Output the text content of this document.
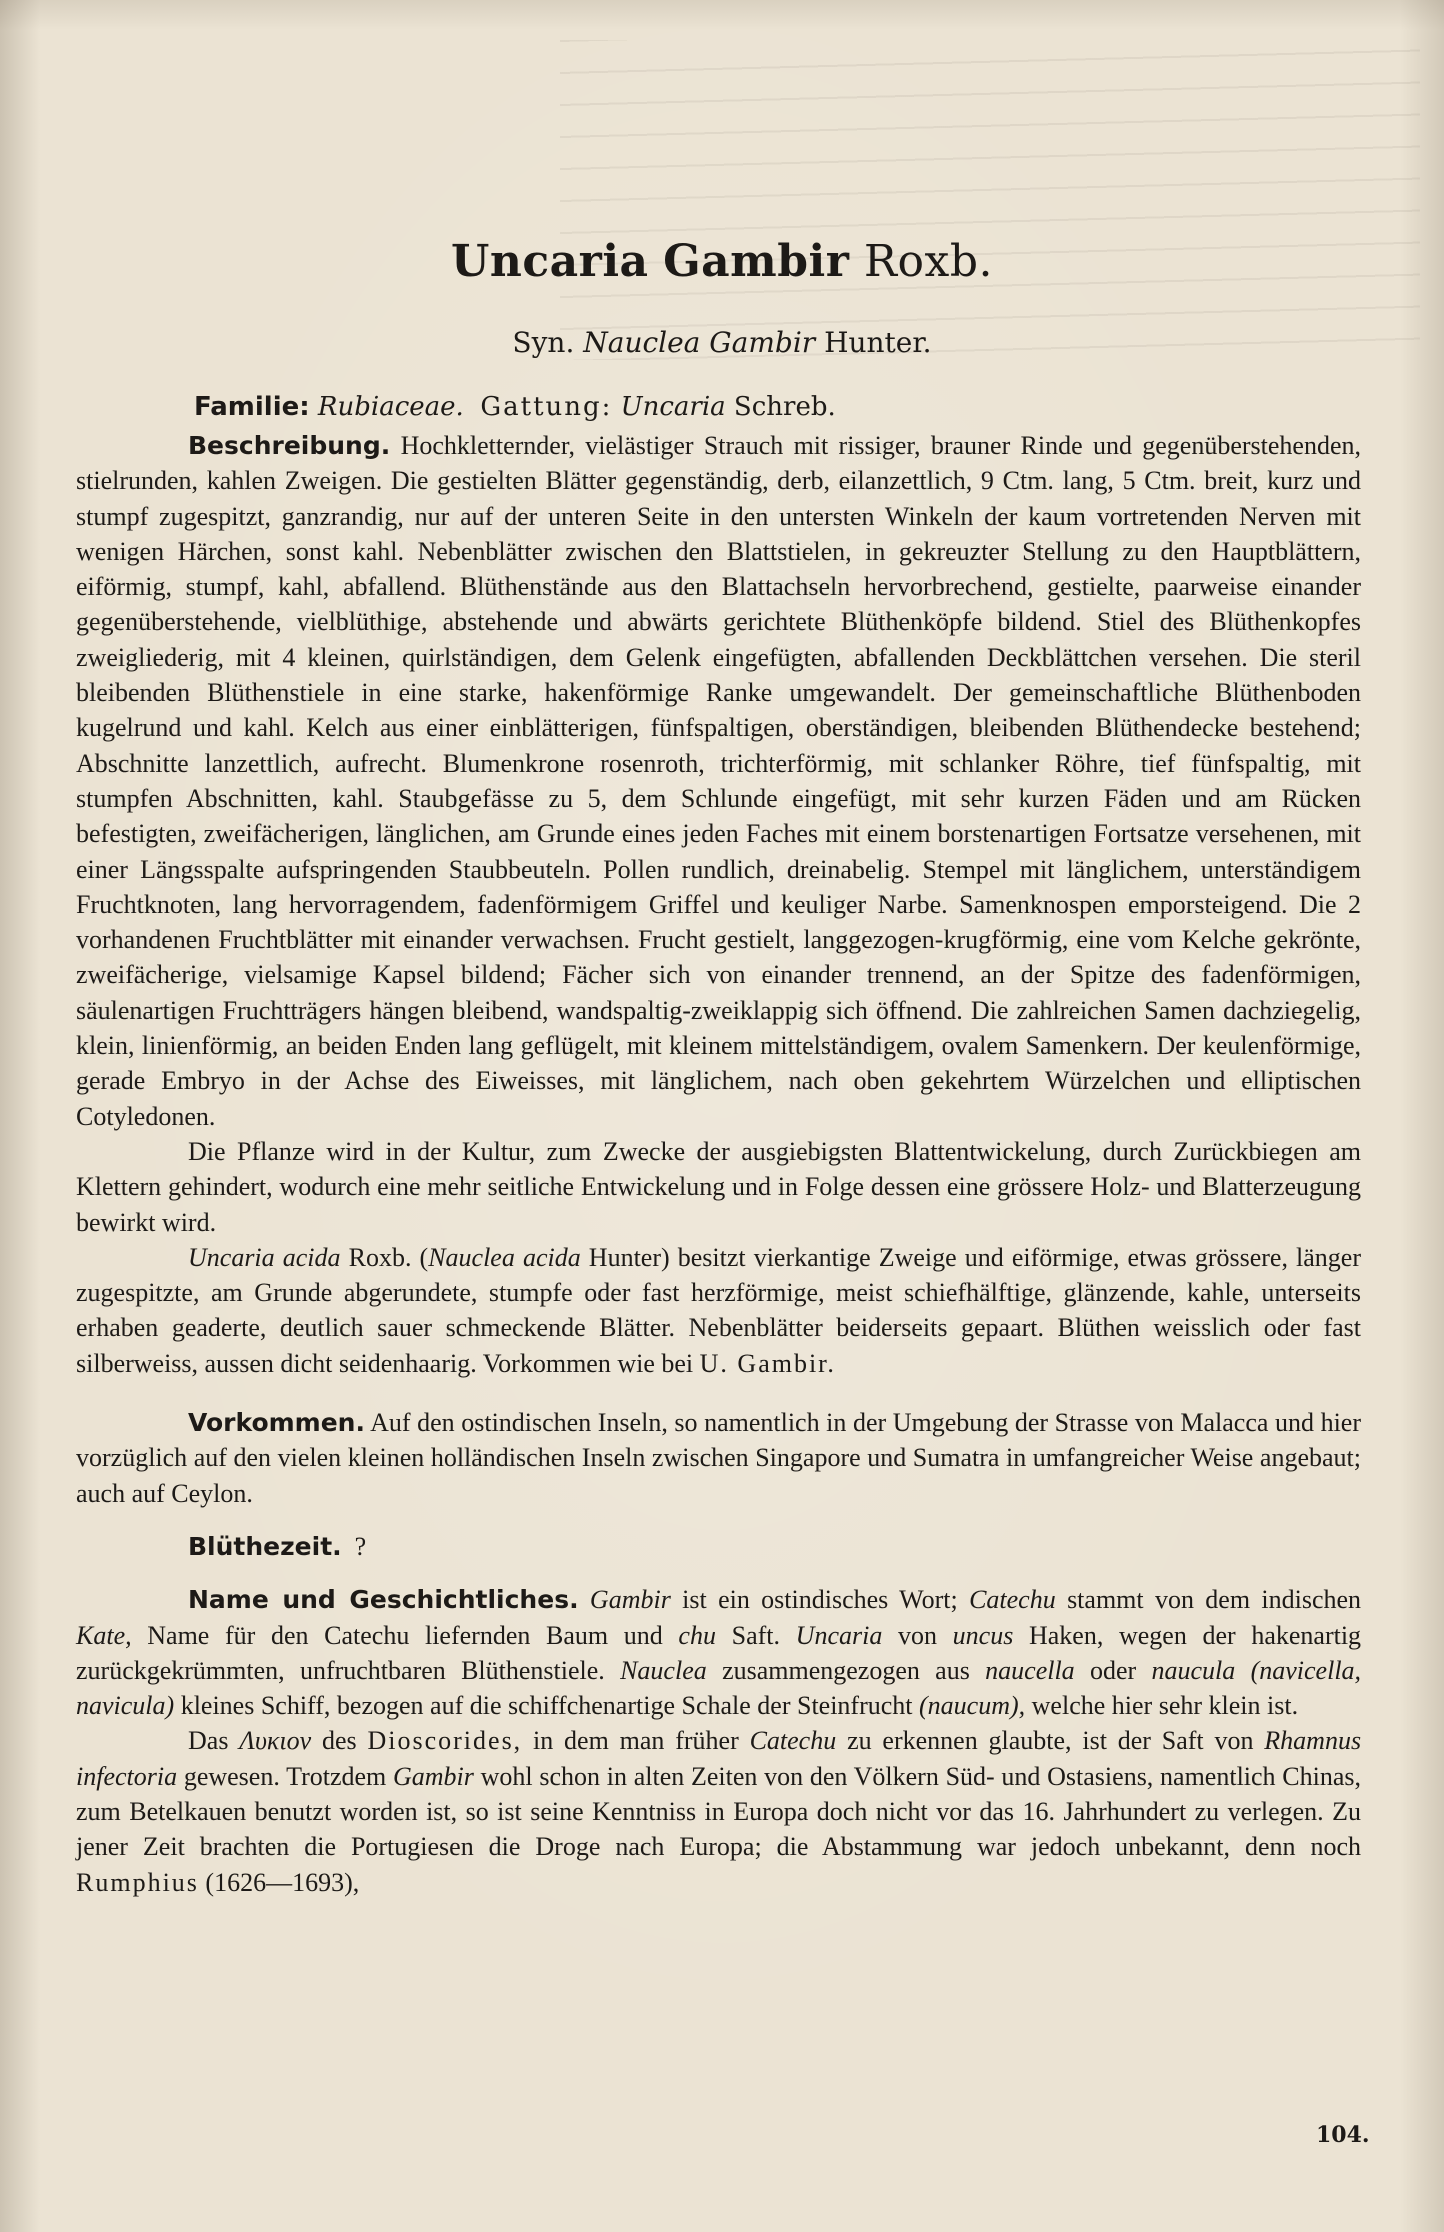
Uncaria Gambir Roxb.

Syn. Nauclea Gambir Hunter.

Familie: Rubiaceae. Gattung: Uncaria Schreb.

Beschreibung. Hochkletternder, vielästiger Strauch mit rissiger, brauner Rinde und gegenüberstehenden, stielrunden, kahlen Zweigen. Die gestielten Blätter gegenständig, derb, eilanzettlich, 9 Ctm. lang, 5 Ctm. breit, kurz und stumpf zugespitzt, ganzrandig, nur auf der unteren Seite in den untersten Winkeln der kaum vortretenden Nerven mit wenigen Härchen, sonst kahl. Nebenblätter zwischen den Blattstielen, in gekreuzter Stellung zu den Hauptblättern, eiförmig, stumpf, kahl, abfallend. Blüthenstände aus den Blattachseln hervorbrechend, gestielte, paarweise einander gegenüberstehende, vielblüthige, abstehende und abwärts gerichtete Blüthenköpfe bildend. Stiel des Blüthenkopfes zweigliederig, mit 4 kleinen, quirlständigen, dem Gelenk eingefügten, abfallenden Deckblättchen versehen. Die steril bleibenden Blüthenstiele in eine starke, hakenförmige Ranke umgewandelt. Der gemeinschaftliche Blüthenboden kugelrund und kahl. Kelch aus einer einblätterigen, fünfspaltigen, oberständigen, bleibenden Blüthendecke bestehend; Abschnitte lanzettlich, aufrecht. Blumenkrone rosenroth, trichterförmig, mit schlanker Röhre, tief fünfspaltig, mit stumpfen Abschnitten, kahl. Staubgefässe zu 5, dem Schlunde eingefügt, mit sehr kurzen Fäden und am Rücken befestigten, zweifächerigen, länglichen, am Grunde eines jeden Faches mit einem borstenartigen Fortsatze versehenen, mit einer Längsspalte aufspringenden Staubbeuteln. Pollen rundlich, dreinabelig. Stempel mit länglichem, unterständigem Fruchtknoten, lang hervorragendem, fadenförmigem Griffel und keuliger Narbe. Samenknospen emporsteigend. Die 2 vorhandenen Fruchtblätter mit einander verwachsen. Frucht gestielt, langgezogen-krugförmig, eine vom Kelche gekrönte, zweifächerige, vielsamige Kapsel bildend; Fächer sich von einander trennend, an der Spitze des fadenförmigen, säulenartigen Fruchtträgers hängen bleibend, wandspaltig-zweiklappig sich öffnend. Die zahlreichen Samen dachziegelig, klein, linienförmig, an beiden Enden lang geflügelt, mit kleinem mittelständigem, ovalem Samenkern. Der keulenförmige, gerade Embryo in der Achse des Eiweisses, mit länglichem, nach oben gekehrtem Würzelchen und elliptischen Cotyledonen.

Die Pflanze wird in der Kultur, zum Zwecke der ausgiebigsten Blattentwickelung, durch Zurückbiegen am Klettern gehindert, wodurch eine mehr seitliche Entwickelung und in Folge dessen eine grössere Holz- und Blatterzeugung bewirkt wird.

Uncaria acida Roxb. (Nauclea acida Hunter) besitzt vierkantige Zweige und eiförmige, etwas grössere, länger zugespitzte, am Grunde abgerundete, stumpfe oder fast herzförmige, meist schiefhälftige, glänzende, kahle, unterseits erhaben geaderte, deutlich sauer schmeckende Blätter. Nebenblätter beiderseits gepaart. Blüthen weisslich oder fast silberweiss, aussen dicht seidenhaarig. Vorkommen wie bei U. Gambir.

Vorkommen. Auf den ostindischen Inseln, so namentlich in der Umgebung der Strasse von Malacca und hier vorzüglich auf den vielen kleinen holländischen Inseln zwischen Singapore und Sumatra in umfangreicher Weise angebaut; auch auf Ceylon.

Blüthezeit. ?

Name und Geschichtliches. Gambir ist ein ostindisches Wort; Catechu stammt von dem indischen Kate, Name für den Catechu liefernden Baum und chu Saft. Uncaria von uncus Haken, wegen der hakenartig zurückgekrümmten, unfruchtbaren Blüthenstiele. Nauclea zusammengezogen aus naucella oder naucula (navicella, navicula) kleines Schiff, bezogen auf die schiffchenartige Schale der Steinfrucht (naucum), welche hier sehr klein ist.

Das Λυκιον des Dioscorides, in dem man früher Catechu zu erkennen glaubte, ist der Saft von Rhamnus infectoria gewesen. Trotzdem Gambir wohl schon in alten Zeiten von den Völkern Süd- und Ostasiens, namentlich Chinas, zum Betelkauen benutzt worden ist, so ist seine Kenntniss in Europa doch nicht vor das 16. Jahrhundert zu verlegen. Zu jener Zeit brachten die Portugiesen die Droge nach Europa; die Abstammung war jedoch unbekannt, denn noch Rumphius (1626—1693),

104.
